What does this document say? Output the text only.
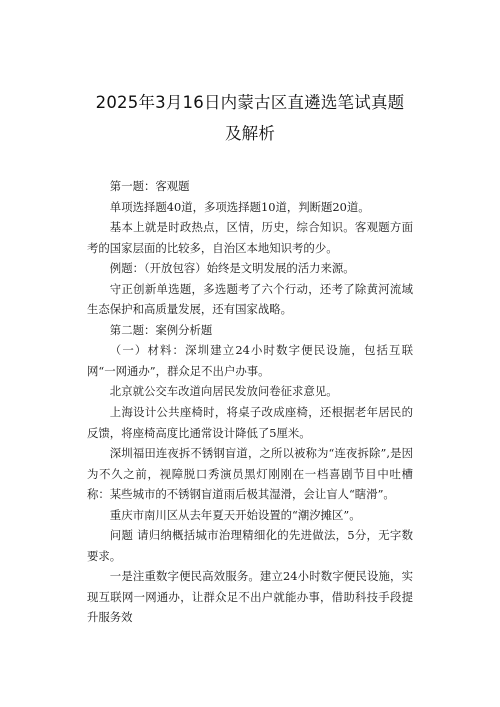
2025年3月16日内蒙古区直遴选笔试真题
及解析

第一题：客观题

单项选择题40道，多项选择题10道，判断题20道。

基本上就是时政热点，区情，历史，综合知识。客观题方面考的国家层面的比较多，自治区本地知识考的少。

例题：（开放包容）始终是文明发展的活力来源。

守正创新单选题，多选题考了六个行动，还考了除黄河流域生态保护和高质量发展，还有国家战略。

第二题：案例分析题

（一）材料：深圳建立24小时数字便民设施，包括互联网“一网通办”，群众足不出户办事。

北京就公交车改道向居民发放问卷征求意见。

上海设计公共座椅时，将桌子改成座椅，还根据老年居民的反馈，将座椅高度比通常设计降低了5厘米。

深圳福田连夜拆不锈钢盲道，之所以被称为“连夜拆除”,是因为不久之前，视障脱口秀演员黑灯刚刚在一档喜剧节目中吐槽称：某些城市的不锈钢盲道雨后极其湿滑，会让盲人“瞎滑”。

重庆市南川区从去年夏天开始设置的“潮汐摊区”。

问题 请归纳概括城市治理精细化的先进做法，5分，无字数要求。

一是注重数字便民高效服务。建立24小时数字便民设施，实现互联网一网通办，让群众足不出户就能办事，借助科技手段提升服务效
